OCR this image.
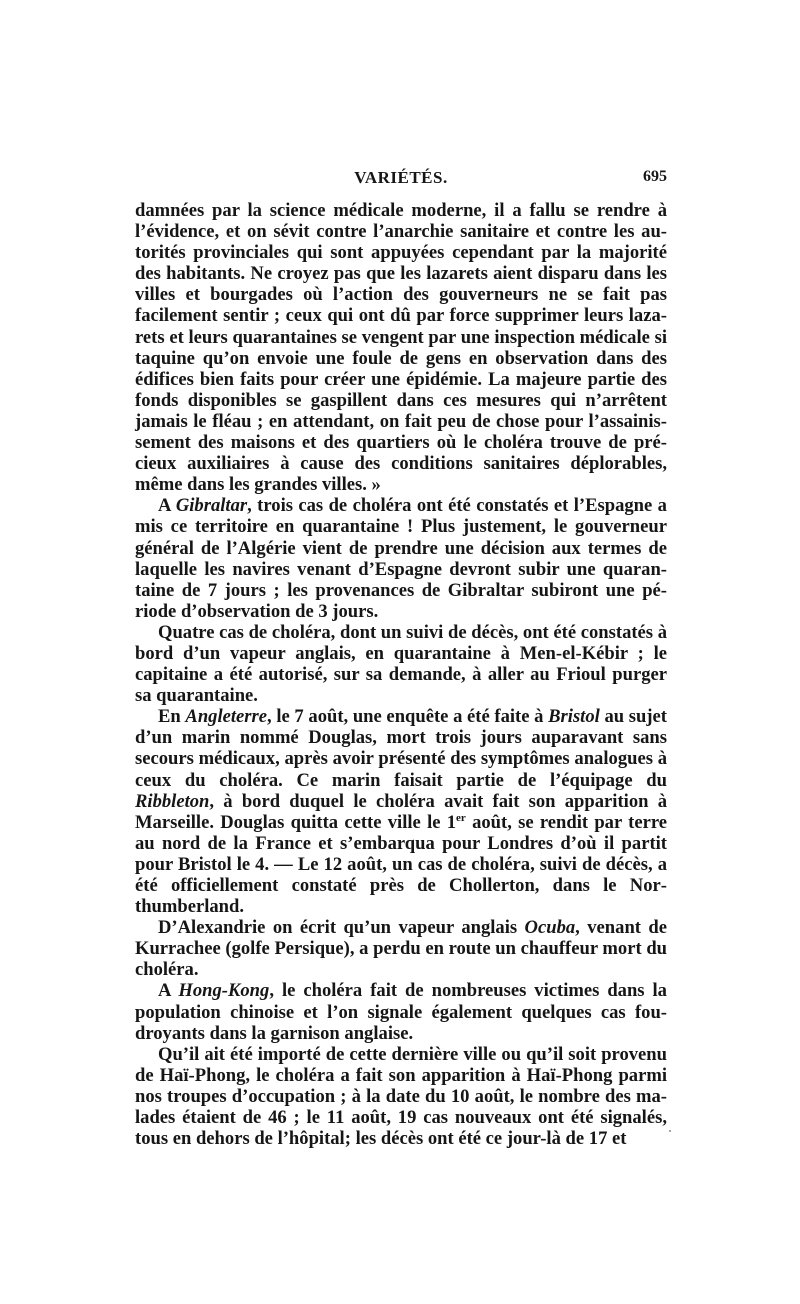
VARIÉTÉS.	695

damnées par la science médicale moderne, il a fallu se rendre à l’évidence, et on sévit contre l’anarchie sanitaire et contre les autorités provinciales qui sont appuyées cependant par la majorité des habitants. Ne croyez pas que les lazarets aient disparu dans les villes et bourgades où l’action des gouverneurs ne se fait pas facilement sentir ; ceux qui ont dû par force supprimer leurs lazarets et leurs quarantaines se vengent par une inspection médicale si taquine qu’on envoie une foule de gens en observation dans des édifices bien faits pour créer une épidémie. La majeure partie des fonds disponibles se gaspillent dans ces mesures qui n’arrêtent jamais le fléau ; en attendant, on fait peu de chose pour l’assainissement des maisons et des quartiers où le choléra trouve de précieux auxiliaires à cause des conditions sanitaires déplorables, même dans les grandes villes. »

A Gibraltar, trois cas de choléra ont été constatés et l’Espagne a mis ce territoire en quarantaine ! Plus justement, le gouverneur général de l’Algérie vient de prendre une décision aux termes de laquelle les navires venant d’Espagne devront subir une quarantaine de 7 jours ; les provenances de Gibraltar subiront une période d’observation de 3 jours.

Quatre cas de choléra, dont un suivi de décès, ont été constatés à bord d’un vapeur anglais, en quarantaine à Men-el-Kébir ; le capitaine a été autorisé, sur sa demande, à aller au Frioul purger sa quarantaine.

En Angleterre, le 7 août, une enquête a été faite à Bristol au sujet d’un marin nommé Douglas, mort trois jours auparavant sans secours médicaux, après avoir présenté des symptômes analogues à ceux du choléra. Ce marin faisait partie de l’équipage du Ribbleton, à bord duquel le choléra avait fait son apparition à Marseille. Douglas quitta cette ville le 1er août, se rendit par terre au nord de la France et s’embarqua pour Londres d’où il partit pour Bristol le 4. — Le 12 août, un cas de choléra, suivi de décès, a été officiellement constaté près de Chollerton, dans le Northumberland.

D’Alexandrie on écrit qu’un vapeur anglais Ocuba, venant de Kurrachee (golfe Persique), a perdu en route un chauffeur mort du choléra.

A Hong-Kong, le choléra fait de nombreuses victimes dans la population chinoise et l’on signale également quelques cas foudroyants dans la garnison anglaise.

Qu’il ait été importé de cette dernière ville ou qu’il soit provenu de Haï-Phong, le choléra a fait son apparition à Haï-Phong parmi nos troupes d’occupation ; à la date du 10 août, le nombre des malades étaient de 46 ; le 11 août, 19 cas nouveaux ont été signalés, tous en dehors de l’hôpital; les décès ont été ce jour-là de 17 et
